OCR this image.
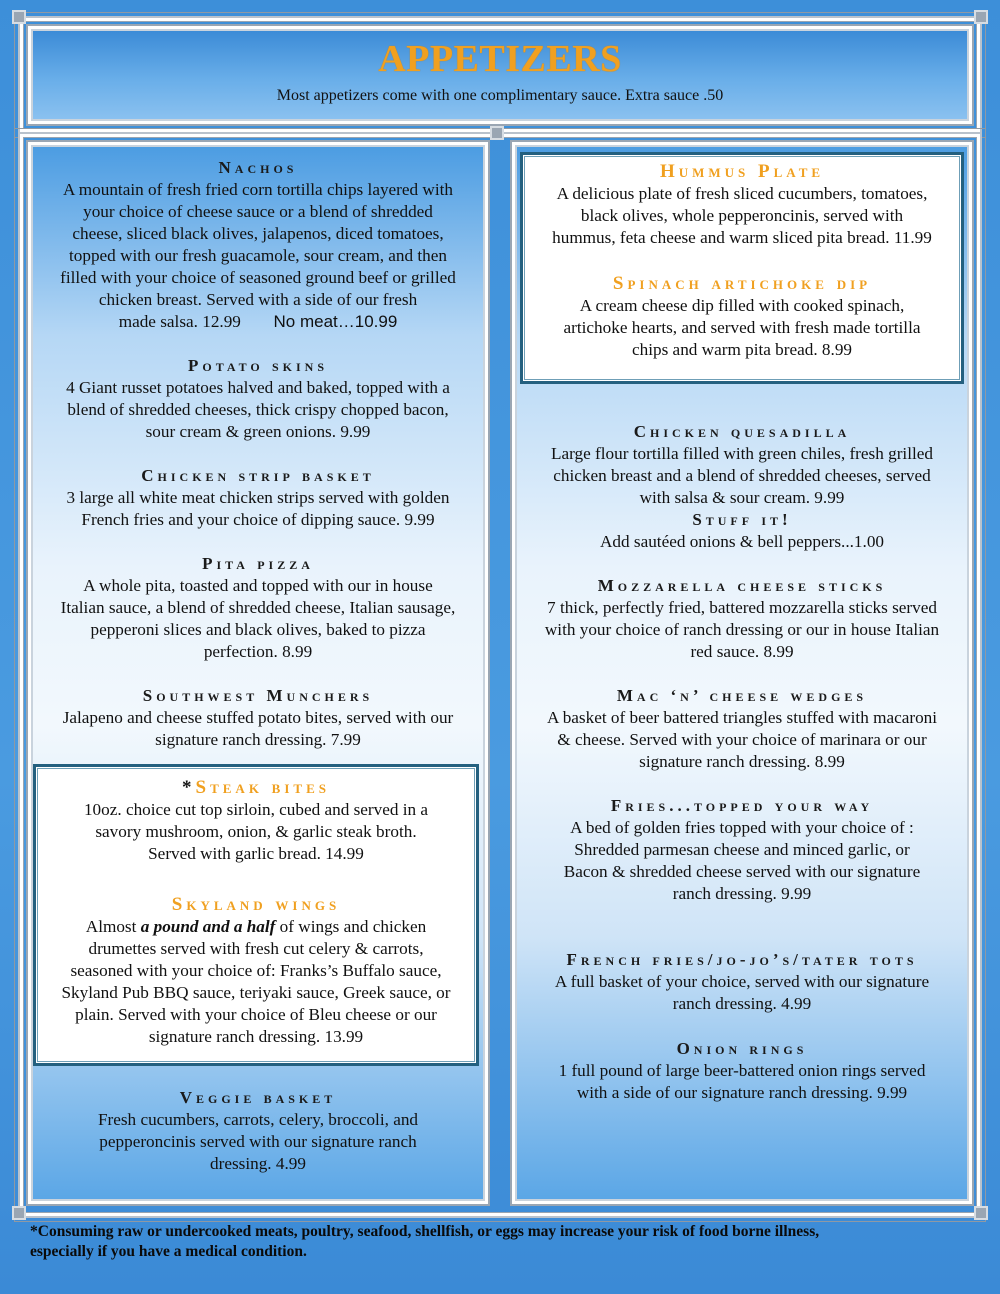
APPETIZERS
Most appetizers come with one complimentary sauce. Extra sauce .50
Nachos
A mountain of fresh fried corn tortilla chips layered with
your choice of cheese sauce or a blend of shredded
cheese, sliced black olives, jalapenos, diced tomatoes,
topped with our fresh guacamole, sour cream, and then
filled with your choice of seasoned ground beef or grilled
chicken breast. Served with a side of our fresh
made salsa. 12.99 No meat…10.99
Potato skins
4 Giant russet potatoes halved and baked, topped with a
blend of shredded cheeses, thick crispy chopped bacon,
sour cream & green onions. 9.99
Chicken strip basket
3 large all white meat chicken strips served with golden
French fries and your choice of dipping sauce. 9.99
Pita pizza
A whole pita, toasted and topped with our in house
Italian sauce, a blend of shredded cheese, Italian sausage,
pepperoni slices and black olives, baked to pizza
perfection. 8.99
Southwest Munchers
Jalapeno and cheese stuffed potato bites, served with our
signature ranch dressing. 7.99
Veggie basket
Fresh cucumbers, carrots, celery, broccoli, and
pepperoncinis served with our signature ranch
dressing. 4.99
*Steak bites
10oz. choice cut top sirloin, cubed and served in a
savory mushroom, onion, & garlic steak broth.
Served with garlic bread. 14.99
Skyland wings
Almost a pound and a half of wings and chicken
drumettes served with fresh cut celery & carrots,
seasoned with your choice of: Franks’s Buffalo sauce,
Skyland Pub BBQ sauce, teriyaki sauce, Greek sauce, or
plain. Served with your choice of Bleu cheese or our
signature ranch dressing. 13.99
Chicken quesadilla
Large flour tortilla filled with green chiles, fresh grilled
chicken breast and a blend of shredded cheeses, served
with salsa & sour cream. 9.99
Stuff it!
Add sautéed onions & bell peppers...1.00
Mozzarella cheese sticks
7 thick, perfectly fried, battered mozzarella sticks served
with your choice of ranch dressing or our in house Italian
red sauce. 8.99
Mac ‘n’ cheese wedges
A basket of beer battered triangles stuffed with macaroni
& cheese. Served with your choice of marinara or our
signature ranch dressing. 8.99
Fries...topped your way
A bed of golden fries topped with your choice of :
Shredded parmesan cheese and minced garlic, or
Bacon & shredded cheese served with our signature
ranch dressing. 9.99
French fries/jo-jo’s/tater tots
A full basket of your choice, served with our signature
ranch dressing. 4.99
Onion rings
1 full pound of large beer-battered onion rings served
with a side of our signature ranch dressing. 9.99
Hummus Plate
A delicious plate of fresh sliced cucumbers, tomatoes,
black olives, whole pepperoncinis, served with
hummus, feta cheese and warm sliced pita bread. 11.99
Spinach artichoke dip
A cream cheese dip filled with cooked spinach,
artichoke hearts, and served with fresh made tortilla
chips and warm pita bread. 8.99
*Consuming raw or undercooked meats, poultry, seafood, shellfish, or eggs may increase your risk of food borne illness,
especially if you have a medical condition.
